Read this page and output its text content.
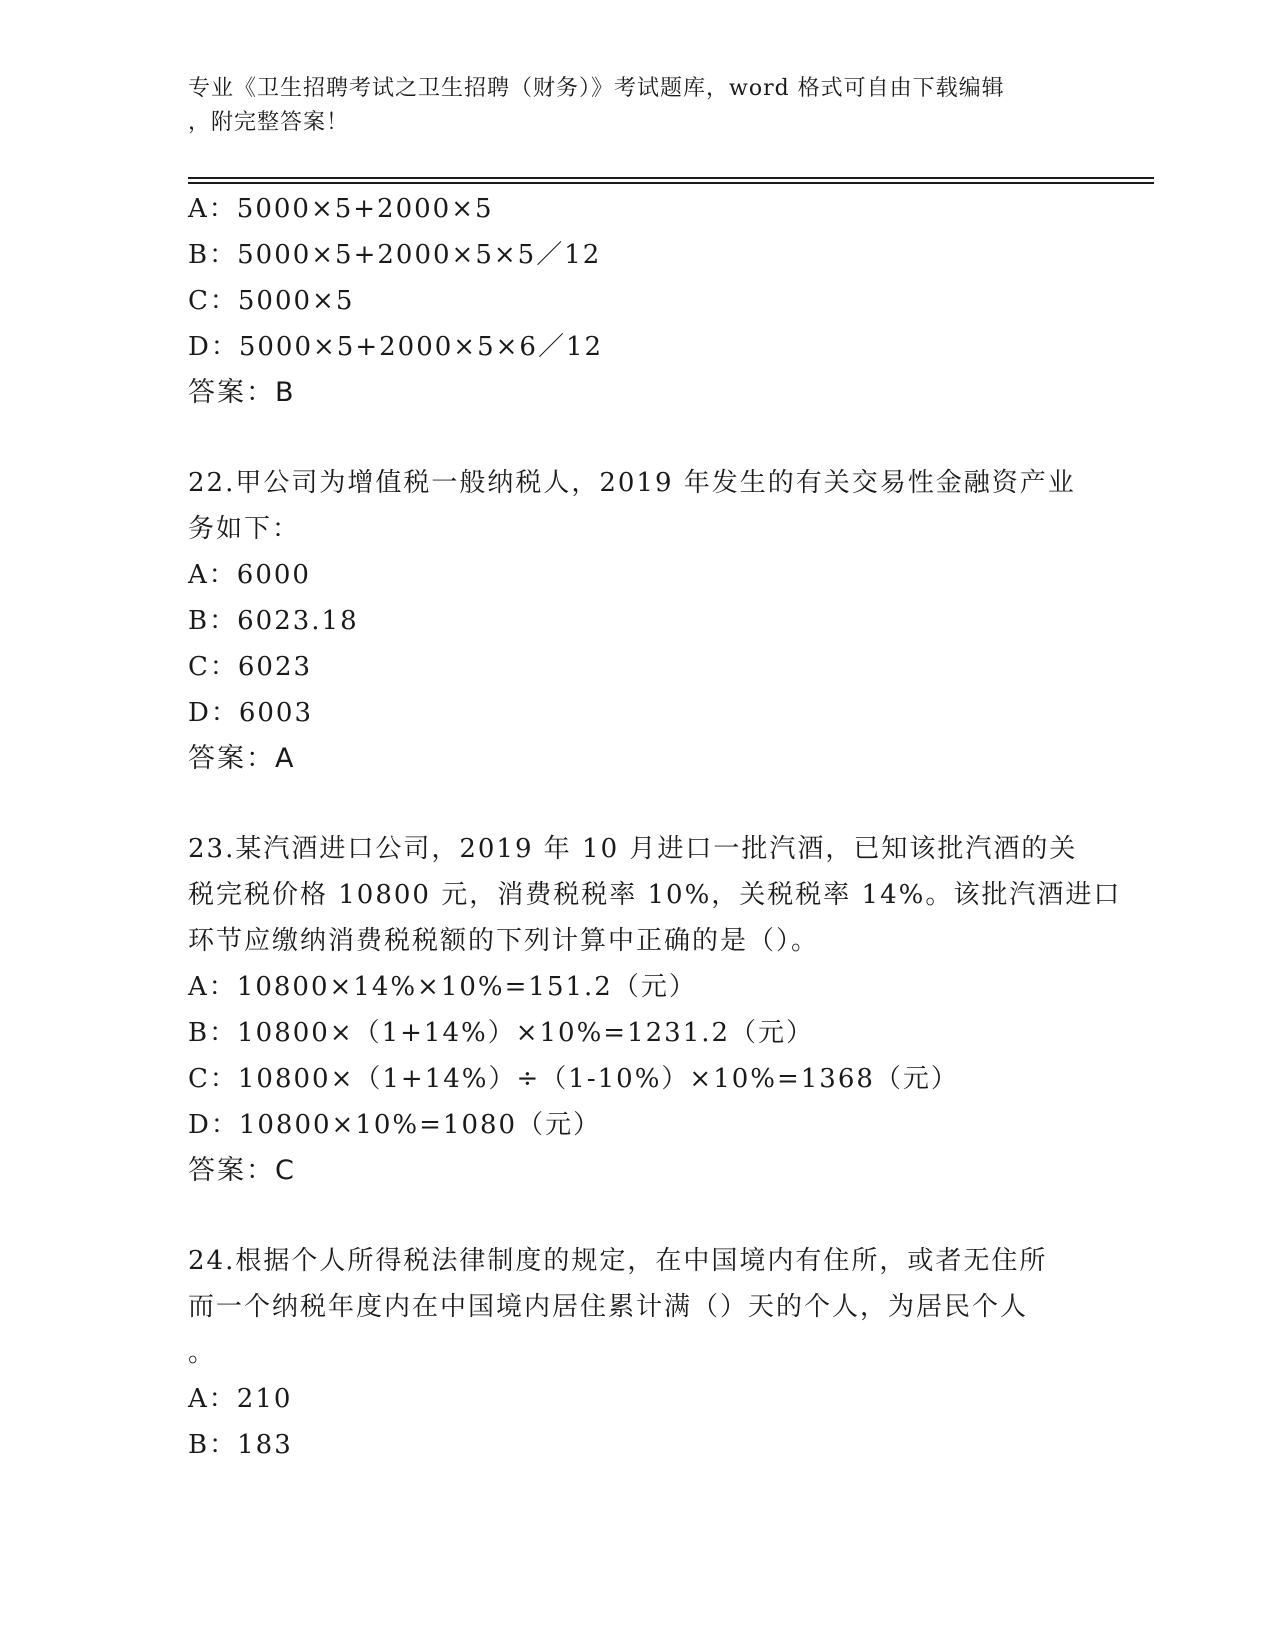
专业《卫生招聘考试之卫生招聘（财务）》考试题库，word 格式可自由下载编辑
，附完整答案！
A：5000×5+2000×5
B：5000×5+2000×5×5／12
C：5000×5
D：5000×5+2000×5×6／12
答案：B
22.甲公司为增值税一般纳税人，2019 年发生的有关交易性金融资产业
务如下：
A：6000
B：6023.18
C：6023
D：6003
答案：A
23.某汽酒进口公司，2019 年 10 月进口一批汽酒，已知该批汽酒的关
税完税价格 10800 元，消费税税率 10%，关税税率 14%。该批汽酒进口
环节应缴纳消费税税额的下列计算中正确的是（）。
A：10800×14%×10%=151.2（元）
B：10800×（1+14%）×10%=1231.2（元）
C：10800×（1+14%）÷（1-10%）×10%=1368（元）
D：10800×10%=1080（元）
答案：C
24.根据个人所得税法律制度的规定，在中国境内有住所，或者无住所
而一个纳税年度内在中国境内居住累计满（）天的个人，为居民个人
。
A：210
B：183
